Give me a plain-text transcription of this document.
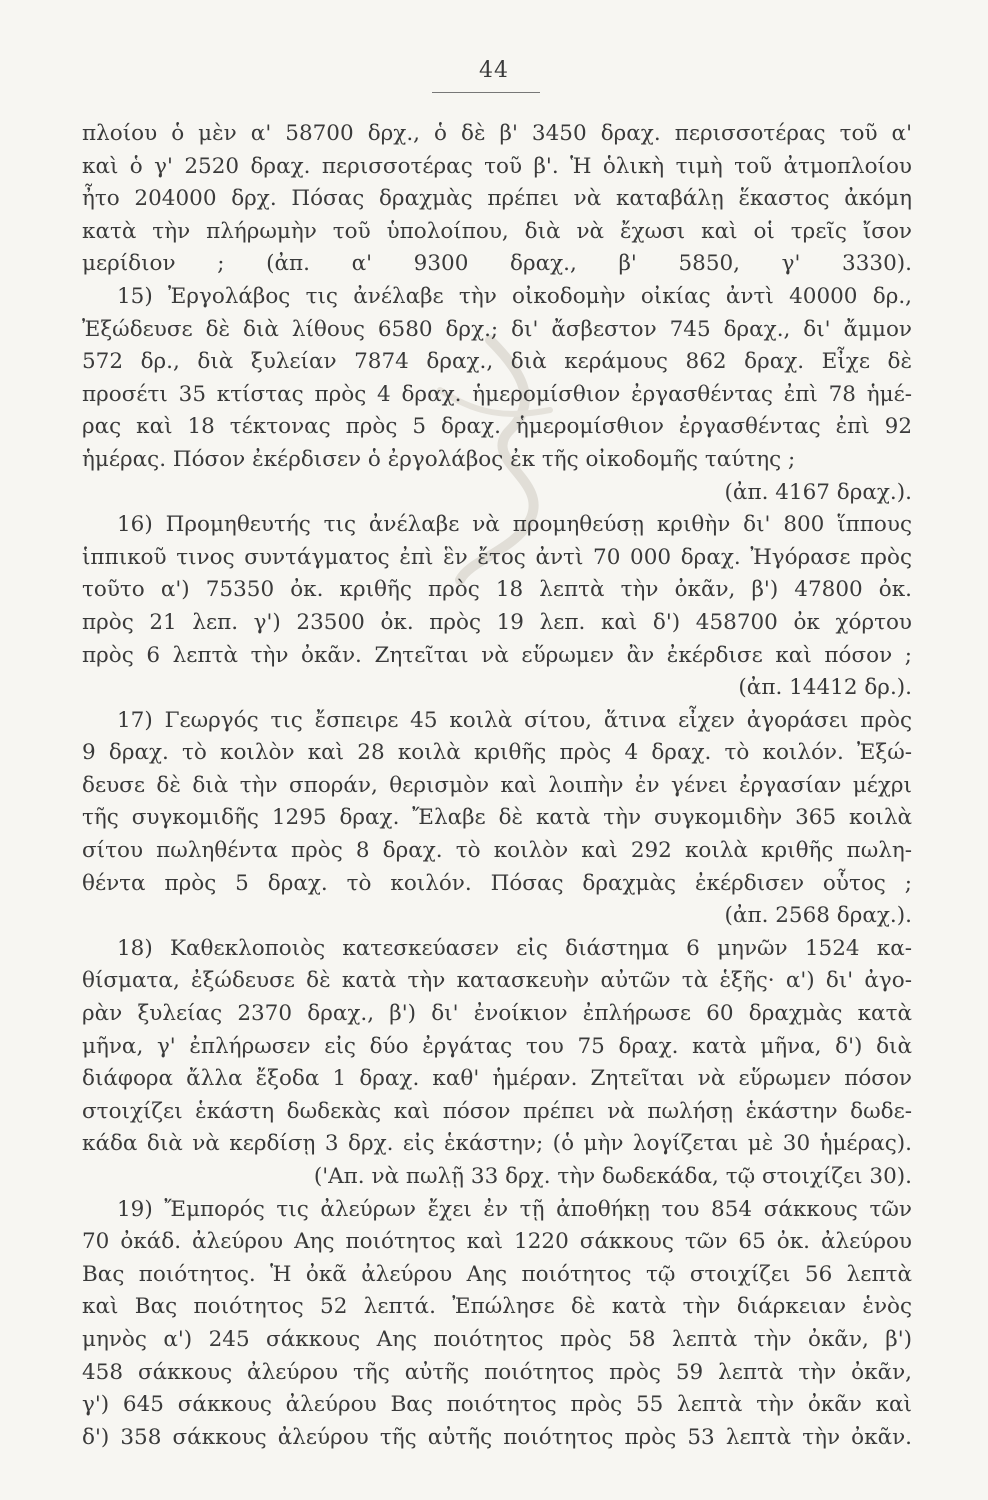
44
πλοίου ὁ μὲν α' 58700 δρχ., ὁ δὲ β' 3450 δραχ. περισσοτέρας τοῦ α'
καὶ ὁ γ' 2520 δραχ. περισσοτέρας τοῦ β'. Ἡ ὁλικὴ τιμὴ τοῦ ἀτμοπλοίου
ἦτο 204000 δρχ. Πόσας δραχμὰς πρέπει νὰ καταβάλῃ ἕκαστος ἀκόμη
κατὰ τὴν πλήρωμὴν τοῦ ὑπολοίπου, διὰ νὰ ἔχωσι καὶ οἱ τρεῖς ἴσον
μερίδιον ; (ἀπ. α' 9300 δραχ., β' 5850, γ' 3330).
15) Ἐργολάβος τις ἀνέλαβε τὴν οἰκοδομὴν οἰκίας ἀντὶ 40000 δρ.,
Ἐξώδευσε δὲ διὰ λίθους 6580 δρχ.; δι' ἄσβεστον 745 δραχ., δι' ἄμμον
572 δρ., διὰ ξυλείαν 7874 δραχ., διὰ κεράμους 862 δραχ. Εἶχε δὲ
προσέτι 35 κτίστας πρὸς 4 δραχ. ἡμερομίσθιον ἐργασθέντας ἐπὶ 78 ἡμέ-
ρας καὶ 18 τέκτονας πρὸς 5 δραχ. ἡμερομίσθιον ἐργασθέντας ἐπὶ 92
ἡμέρας. Πόσον ἐκέρδισεν ὁ ἐργολάβος ἐκ τῆς οἰκοδομῆς ταύτης ;
(ἀπ. 4167 δραχ.).
16) Προμηθευτής τις ἀνέλαβε νὰ προμηθεύσῃ κριθὴν δι' 800 ἵππους
ἱππικοῦ τινος συντάγματος ἐπὶ ἓν ἔτος ἀντὶ 70 000 δραχ. Ἠγόρασε πρὸς
τοῦτο α') 75350 ὀκ. κριθῆς πρὸς 18 λεπτὰ τὴν ὀκᾶν, β') 47800 ὀκ.
πρὸς 21 λεπ. γ') 23500 ὀκ. πρὸς 19 λεπ. καὶ δ') 458700 ὀκ χόρτου
πρὸς 6 λεπτὰ τὴν ὀκᾶν. Ζητεῖται νὰ εὕρωμεν ἂν ἐκέρδισε καὶ πόσον ;
(ἀπ. 14412 δρ.).
17) Γεωργός τις ἔσπειρε 45 κοιλὰ σίτου, ἅτινα εἶχεν ἀγοράσει πρὸς
9 δραχ. τὸ κοιλὸν καὶ 28 κοιλὰ κριθῆς πρὸς 4 δραχ. τὸ κοιλόν. Ἐξώ-
δευσε δὲ διὰ τὴν σποράν, θερισμὸν καὶ λοιπὴν ἐν γένει ἐργασίαν μέχρι
τῆς συγκομιδῆς 1295 δραχ. Ἔλαβε δὲ κατὰ τὴν συγκομιδὴν 365 κοιλὰ
σίτου πωληθέντα πρὸς 8 δραχ. τὸ κοιλὸν καὶ 292 κοιλὰ κριθῆς πωλη-
θέντα πρὸς 5 δραχ. τὸ κοιλόν. Πόσας δραχμὰς ἐκέρδισεν οὗτος ;
(ἀπ. 2568 δραχ.).
18) Καθεκλοποιὸς κατεσκεύασεν εἰς διάστημα 6 μηνῶν 1524 κα-
θίσματα, ἐξώδευσε δὲ κατὰ τὴν κατασκευὴν αὐτῶν τὰ ἑξῆς· α') δι' ἀγο-
ρὰν ξυλείας 2370 δραχ., β') δι' ἐνοίκιον ἐπλήρωσε 60 δραχμὰς κατὰ
μῆνα, γ' ἐπλήρωσεν εἰς δύο ἐργάτας του 75 δραχ. κατὰ μῆνα, δ') διὰ
διάφορα ἄλλα ἔξοδα 1 δραχ. καθ' ἡμέραν. Ζητεῖται νὰ εὕρωμεν πόσον
στοιχίζει ἑκάστη δωδεκὰς καὶ πόσον πρέπει νὰ πωλήσῃ ἑκάστην δωδε-
κάδα διὰ νὰ κερδίσῃ 3 δρχ. εἰς ἑκάστην; (ὁ μὴν λογίζεται μὲ 30 ἡμέρας).
('Απ. νὰ πωλῇ 33 δρχ. τὴν δωδεκάδα, τῷ στοιχίζει 30).
19) Ἔμπορός τις ἀλεύρων ἔχει ἐν τῇ ἀποθήκῃ του 854 σάκκους τῶν
70 ὀκάδ. ἀλεύρου Αης ποιότητος καὶ 1220 σάκκους τῶν 65 ὀκ. ἀλεύρου
Βας ποιότητος. Ἡ ὀκᾶ ἀλεύρου Αης ποιότητος τῷ στοιχίζει 56 λεπτὰ
καὶ Βας ποιότητος 52 λεπτά. Ἐπώλησε δὲ κατὰ τὴν διάρκειαν ἑνὸς
μηνὸς α') 245 σάκκους Αης ποιότητος πρὸς 58 λεπτὰ τὴν ὀκᾶν, β')
458 σάκκους ἀλεύρου τῆς αὐτῆς ποιότητος πρὸς 59 λεπτὰ τὴν ὀκᾶν,
γ') 645 σάκκους ἀλεύρου Βας ποιότητος πρὸς 55 λεπτὰ τὴν ὀκᾶν καὶ
δ') 358 σάκκους ἀλεύρου τῆς αὐτῆς ποιότητος πρὸς 53 λεπτὰ τὴν ὀκᾶν.
